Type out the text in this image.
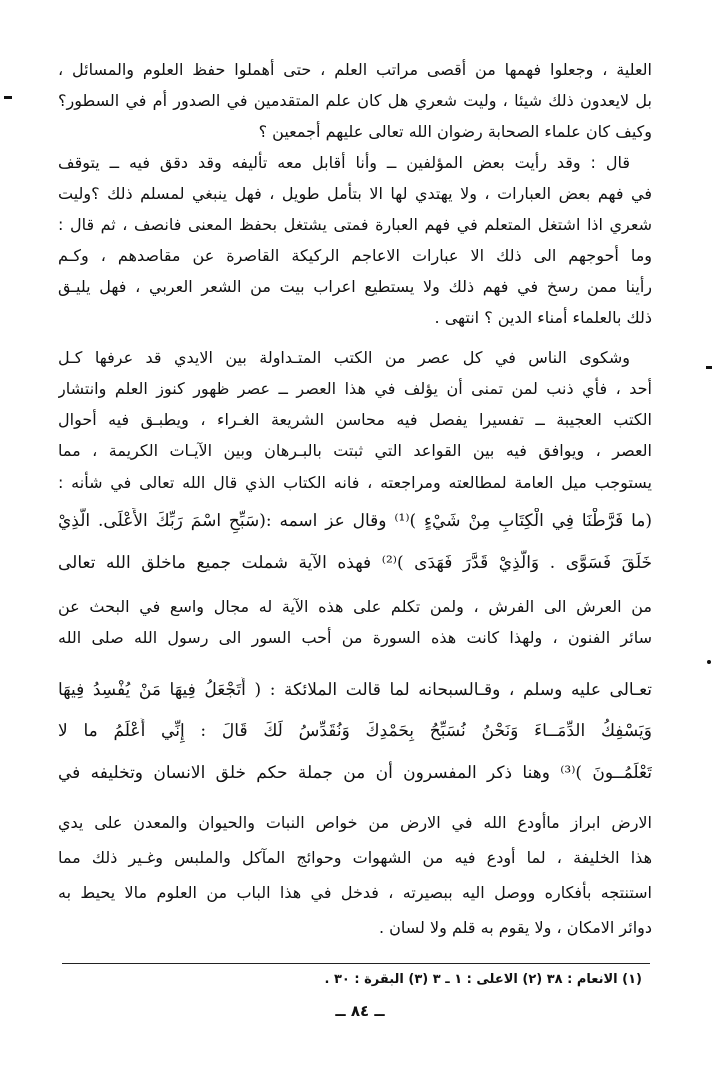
العلية ، وجعلوا فهمها من أقصى مراتب العلم ، حتى أهملوا حفظ العلوم والمسائل ،
بل لايعدون ذلك شيئا ، وليت شعري هل كان علم المتقدمين في الصدور أم في السطور؟
وكيف كان علماء الصحابة رضوان الله تعالى عليهم أجمعين ؟
قال : وقد رأيت بعض المؤلفين ــ وأنا أقابل معه تأليفه وقد دقق فيه ــ يتوقف
في فهم بعض العبارات ، ولا يهتدي لها الا بتأمل طويل ، فهل ينبغي لمسلم ذلك ؟وليت
شعري اذا اشتغل المتعلم في فهم العبارة فمتى يشتغل بحفظ المعنى فانصف ، ثم قال :
وما أحوجهم الى ذلك الا عبارات الاعاجم الركيكة القاصرة عن مقاصدهم ، وكـم
رأينا ممن رسخ في فهم ذلك ولا يستطيع اعراب بيت من الشعر العربي ، فهل يليـق
ذلك بالعلماء أمناء الدين ؟ انتهى .
وشكوى الناس في كل عصر من الكتب المتـداولة بين الايدي قد عرفها كـل
أحد ، فأي ذنب لمن تمنى أن يؤلف في هذا العصر ــ عصر ظهور كنوز العلم وانتشار
الكتب العجيبة ــ تفسيرا يفصل فيه محاسن الشريعة الغـراء ، ويطبـق فيه أحوال
العصر ، ويوافق فيه بين القواعد التي ثبتت بالبـرهان وبين الآيـات الكريمة ، مما
يستوجب ميل العامة لمطالعته ومراجعته ، فانه الكتاب الذي قال الله تعالى في شأنه :
(ما فَرَّطْنَا فِي الْكِتَابِ مِنْ شَيْءٍ )⁽¹⁾ وقال عز اسمه :(سَبِّحِ اسْمَ رَبِّكَ الأَعْلَى. الَّذِيْ
خَلَقَ فَسَوَّى . وَالَّذِيْ قَدَّرَ فَهَدَى )⁽²⁾ فهذه الآية شملت جميع ماخلق الله تعالى
من العرش الى الفرش ، ولمن تكلم على هذه الآية له مجال واسع في البحث عن
سائر الفنون ، ولهذا كانت هذه السورة من أحب السور الى رسول الله صلى الله
تعـالى عليه وسلم ، وقـالسبحانه لما قالت الملائكة : ( أَتَجْعَلُ فِيهَا مَنْ يُفْسِدُ فِيهَا
وَيَسْفِكُ الدِّمَــاءَ وَنَحْنُ نُسَبِّحُ بِحَمْدِكَ وَنُقَدِّسُ لَكَ قَالَ : إِنِّي أَعْلَمُ ما لا
تَعْلَمُــونَ )⁽³⁾ وهنا ذكر المفسرون أن من جملة حكم خلق الانسان وتخليفه في
الارض ابراز ماأودع الله في الارض من خواص النبات والحيوان والمعدن على يدي
هذا الخليفة ، لما أودع فيه من الشهوات وحوائج المآكل والملبس وغـير ذلك مما
استنتجه بأفكاره ووصل اليه ببصيرته ، فدخل في هذا الباب من العلوم مالا يحيط به
دوائر الامكان ، ولا يقوم به قلم ولا لسان .
(١) الانعام : ٣٨ (٢) الاعلى : ١ ـ ٣ (٣) البقرة : ٣٠ .
ــ ٨٤ ــ
